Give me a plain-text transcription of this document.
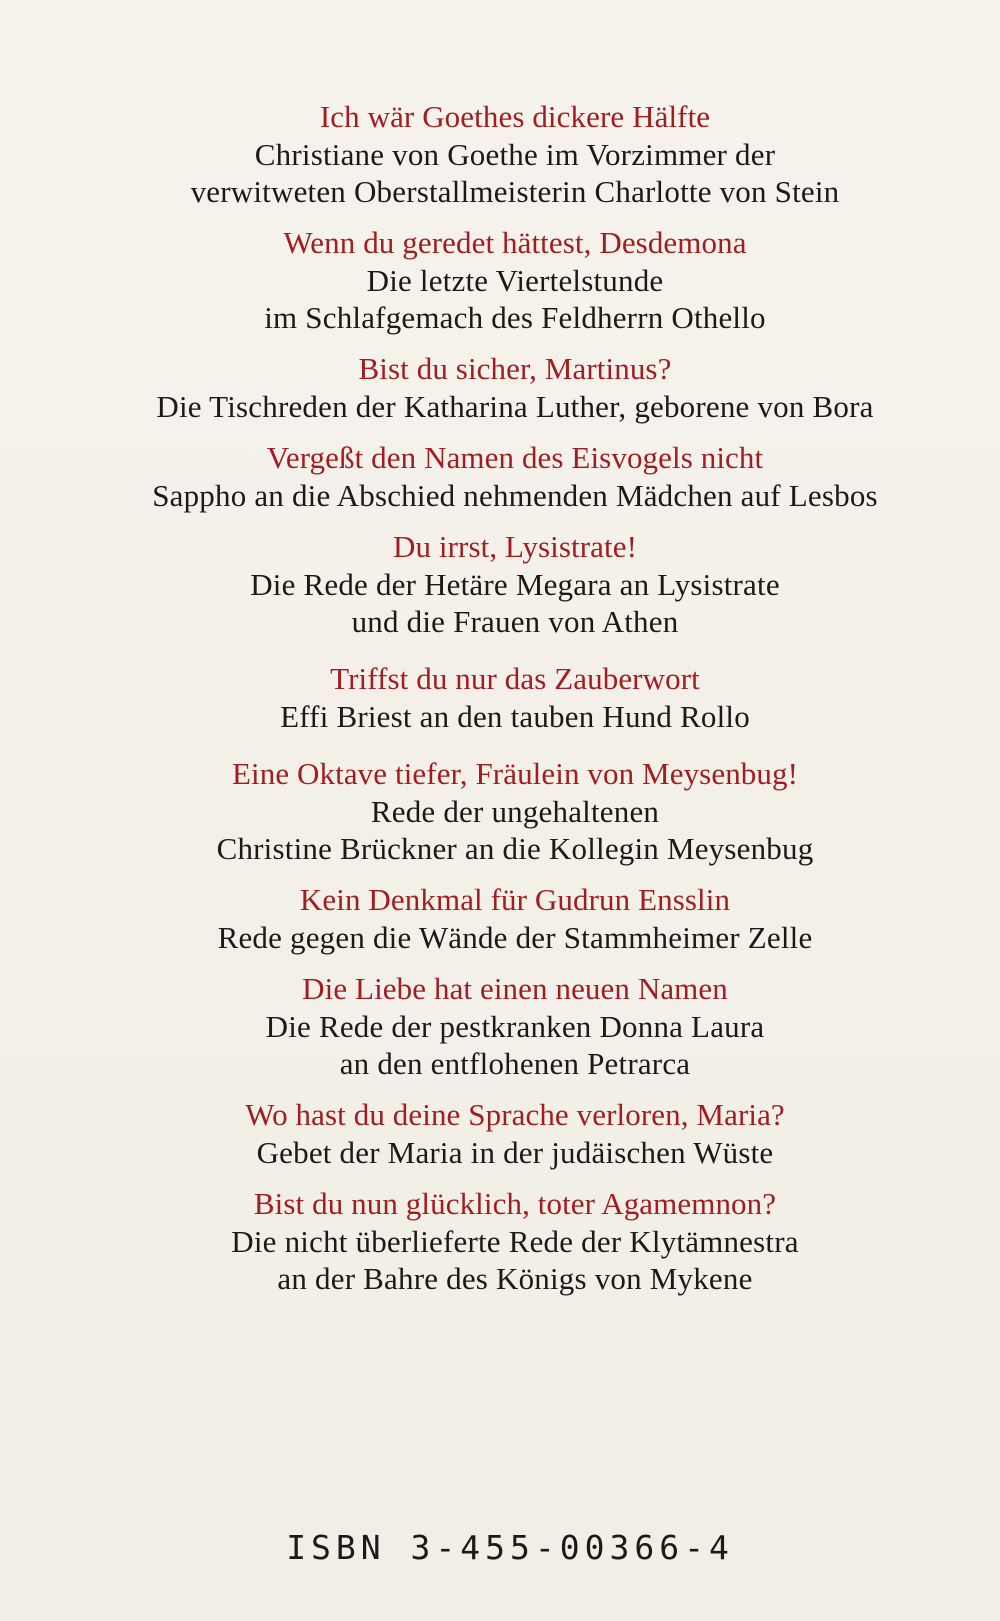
Ich wär Goethes dickere Hälfte
Christiane von Goethe im Vorzimmer der
verwitweten Oberstallmeisterin Charlotte von Stein
Wenn du geredet hättest, Desdemona
Die letzte Viertelstunde
im Schlafgemach des Feldherrn Othello
Bist du sicher, Martinus?
Die Tischreden der Katharina Luther, geborene von Bora
Vergeßt den Namen des Eisvogels nicht
Sappho an die Abschied nehmenden Mädchen auf Lesbos
Du irrst, Lysistrate!
Die Rede der Hetäre Megara an Lysistrate
und die Frauen von Athen
Triffst du nur das Zauberwort
Effi Briest an den tauben Hund Rollo
Eine Oktave tiefer, Fräulein von Meysenbug!
Rede der ungehaltenen
Christine Brückner an die Kollegin Meysenbug
Kein Denkmal für Gudrun Ensslin
Rede gegen die Wände der Stammheimer Zelle
Die Liebe hat einen neuen Namen
Die Rede der pestkranken Donna Laura
an den entflohenen Petrarca
Wo hast du deine Sprache verloren, Maria?
Gebet der Maria in der judäischen Wüste
Bist du nun glücklich, toter Agamemnon?
Die nicht überlieferte Rede der Klytämnestra
an der Bahre des Königs von Mykene
ISBN 3-455-00366-4
